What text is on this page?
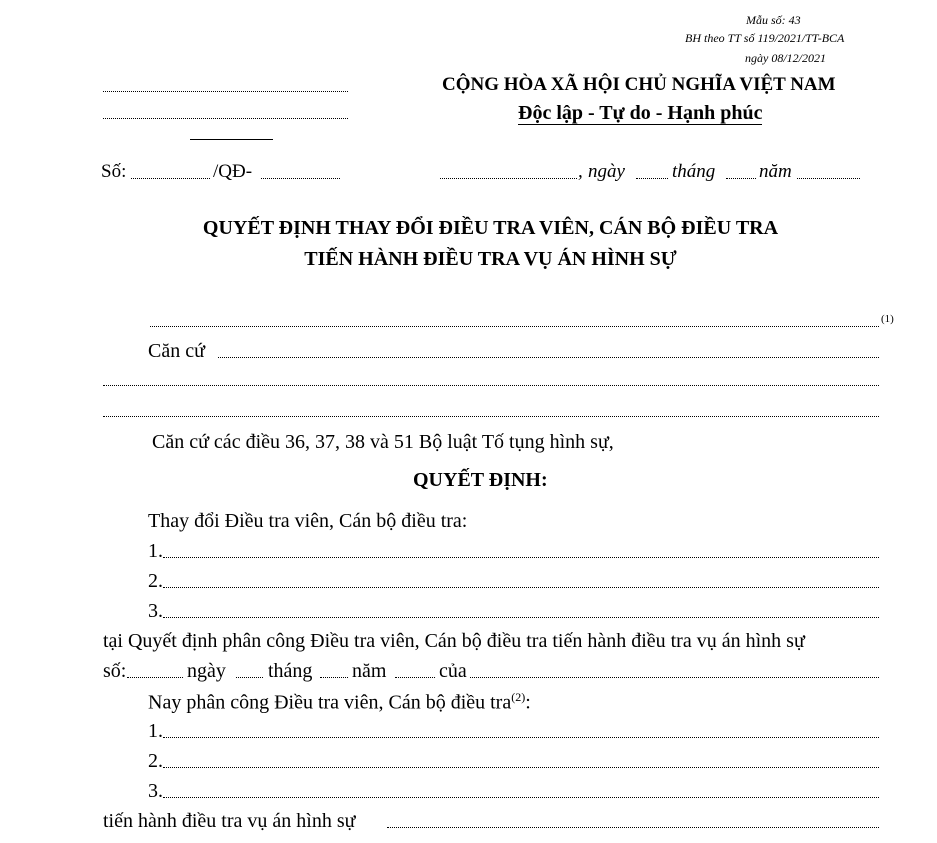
Mẫu số: 43
BH theo TT số 119/2021/TT-BCA
ngày 08/12/2021
CỘNG HÒA XÃ HỘI CHỦ NGHĨA VIỆT NAM
Độc lập - Tự do - Hạnh phúc
Số:	/QĐ-	, ngày tháng năm
QUYẾT ĐỊNH THAY ĐỔI ĐIỀU TRA VIÊN, CÁN BỘ ĐIỀU TRA
TIẾN HÀNH ĐIỀU TRA VỤ ÁN HÌNH SỰ
(1)
Căn cứ
Căn cứ các điều 36, 37, 38 và 51 Bộ luật Tố tụng hình sự,
QUYẾT ĐỊNH:
Thay đổi Điều tra viên, Cán bộ điều tra:
1.
2.
3.
tại Quyết định phân công Điều tra viên, Cán bộ điều tra tiến hành điều tra vụ án hình sự
số:	ngày tháng năm	của
Nay phân công Điều tra viên, Cán bộ điều tra$^{(2)}$:
1.
2.
3.
tiến hành điều tra vụ án hình sự
